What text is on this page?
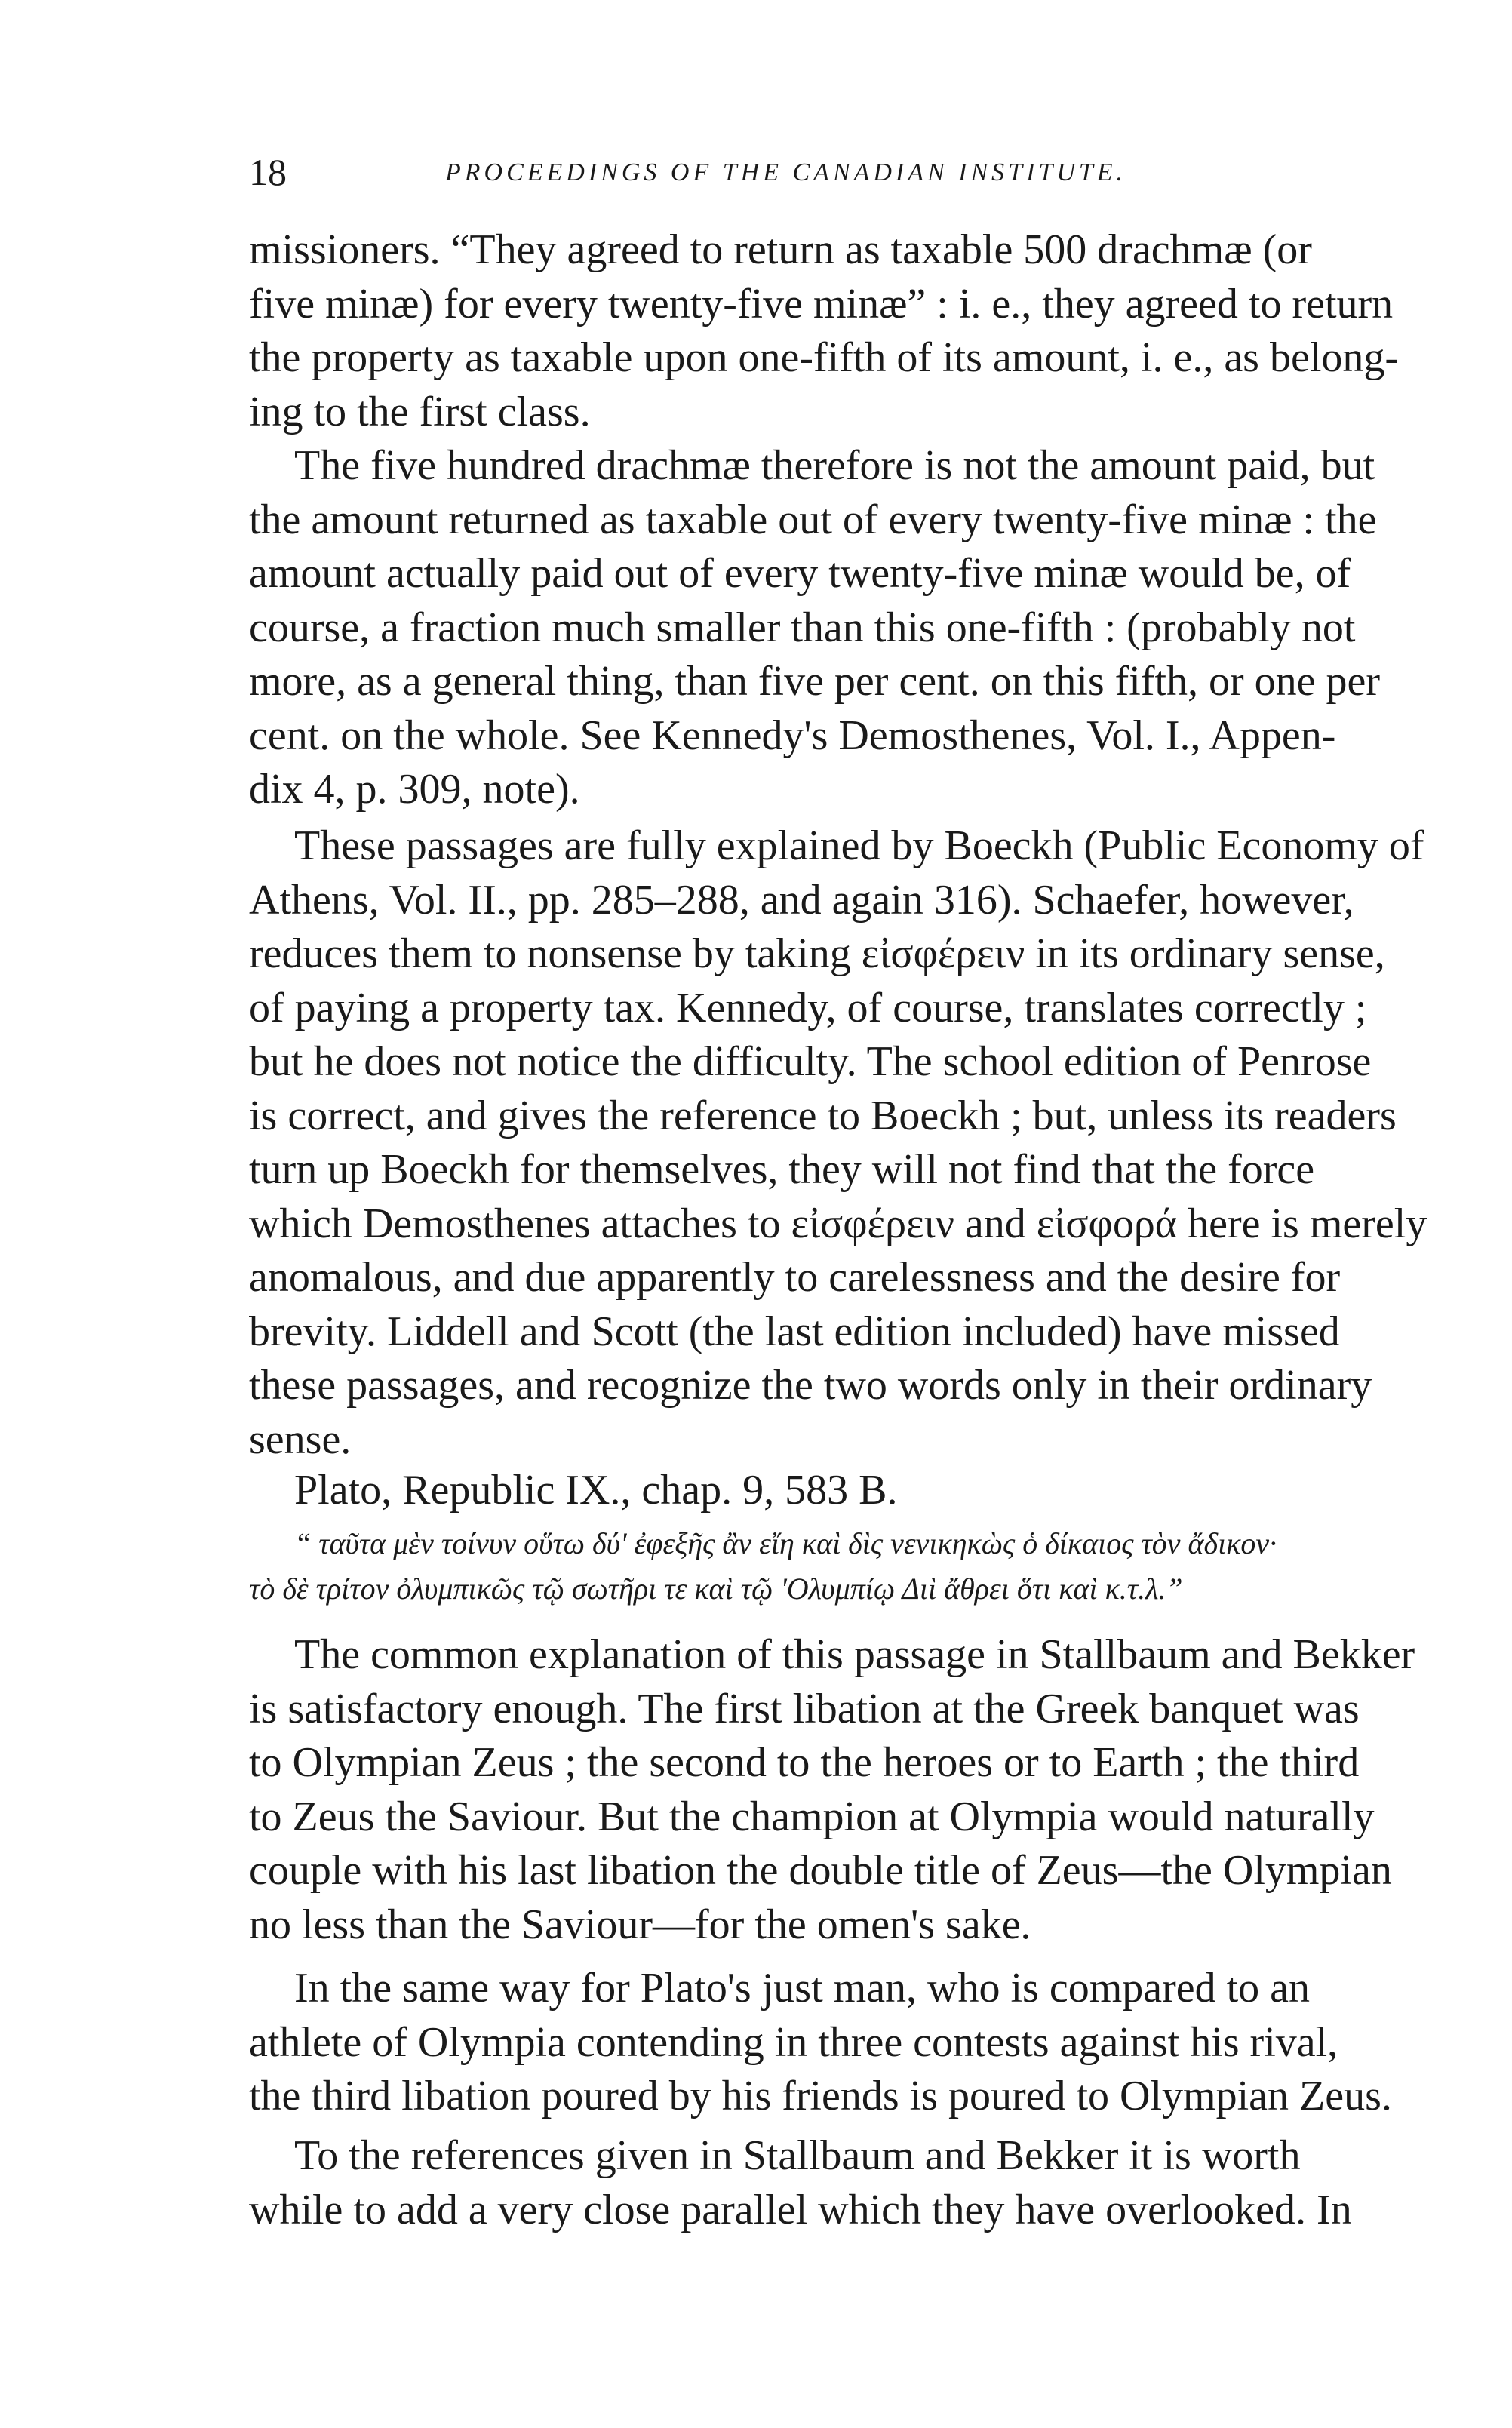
18	PROCEEDINGS OF THE CANADIAN INSTITUTE.
missioners. “They agreed to return as taxable 500 drachmæ (or
five minæ) for every twenty-five minæ” : i. e., they agreed to return
the property as taxable upon one-fifth of its amount, i. e., as belong-
ing to the first class.
The five hundred drachmæ therefore is not the amount paid, but
the amount returned as taxable out of every twenty-five minæ : the
amount actually paid out of every twenty-five minæ would be, of
course, a fraction much smaller than this one-fifth : (probably not
more, as a general thing, than five per cent. on this fifth, or one per
cent. on the whole. See Kennedy's Demosthenes, Vol. I., Appen-
dix 4, p. 309, note).
These passages are fully explained by Boeckh (Public Economy of
Athens, Vol. II., pp. 285–288, and again 316). Schaefer, however,
reduces them to nonsense by taking εἰσφέρειν in its ordinary sense,
of paying a property tax. Kennedy, of course, translates correctly ;
but he does not notice the difficulty. The school edition of Penrose
is correct, and gives the reference to Boeckh ; but, unless its readers
turn up Boeckh for themselves, they will not find that the force
which Demosthenes attaches to εἰσφέρειν and εἰσφορά here is merely
anomalous, and due apparently to carelessness and the desire for
brevity. Liddell and Scott (the last edition included) have missed
these passages, and recognize the two words only in their ordinary
sense.
Plato, Republic IX., chap. 9, 583 B.
“ ταῦτα μὲν τοίνυν οὕτω δύ' ἐφεξῆς ἂν εἴη καὶ δὶς νενικηκὼς ὁ δίκαιος τὸν ἄδικον·
τὸ δὲ τρίτον ὀλυμπικῶς τῷ σωτῆρι τε καὶ τῷ 'Ολυμπίῳ Διὶ ἄθρει ὅτι καὶ κ.τ.λ.”
The common explanation of this passage in Stallbaum and Bekker
is satisfactory enough. The first libation at the Greek banquet was
to Olympian Zeus ; the second to the heroes or to Earth ; the third
to Zeus the Saviour. But the champion at Olympia would naturally
couple with his last libation the double title of Zeus—the Olympian
no less than the Saviour—for the omen's sake.
In the same way for Plato's just man, who is compared to an
athlete of Olympia contending in three contests against his rival,
the third libation poured by his friends is poured to Olympian Zeus.
To the references given in Stallbaum and Bekker it is worth
while to add a very close parallel which they have overlooked. In
